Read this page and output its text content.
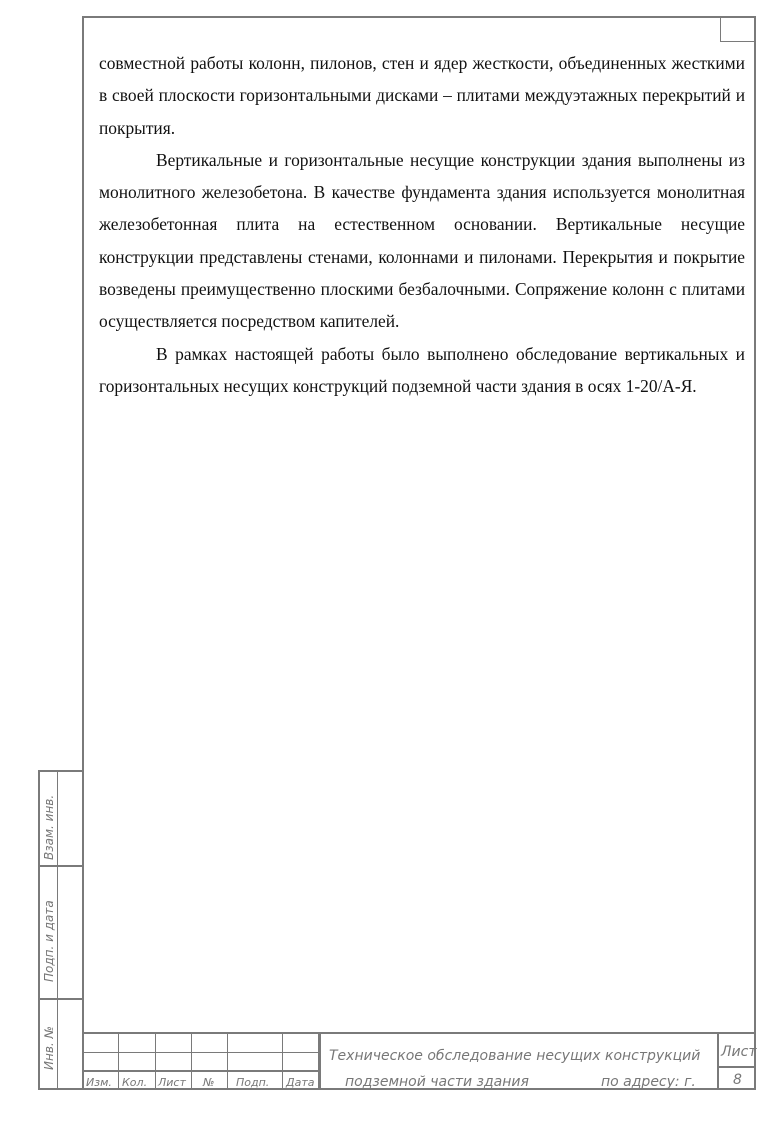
совместной работы колонн, пилонов, стен и ядер жесткости, объединенных жесткими в своей плоскости горизонтальными дисками – плитами междуэтажных перекрытий и покрытия.

Вертикальные и горизонтальные несущие конструкции здания выполнены из монолитного железобетона. В качестве фундамента здания используется монолитная железобетонная плита на естественном основании. Вертикальные несущие конструкции представлены стенами, колоннами и пилонами. Перекрытия и покрытие возведены преимущественно плоскими безбалочными. Сопряжение колонн с плитами осуществляется посредством капителей.

В рамках настоящей работы было выполнено обследование вертикальных и горизонтальных несущих конструкций подземной части здания в осях 1-20/А-Я.

Взам. инв.
Подп. и дата
Инв. №
Изм. Кол. Лист № Подп. Дата
Техническое обследование несущих конструкций
подземной части здания	по адресу: г.
Лист
8
